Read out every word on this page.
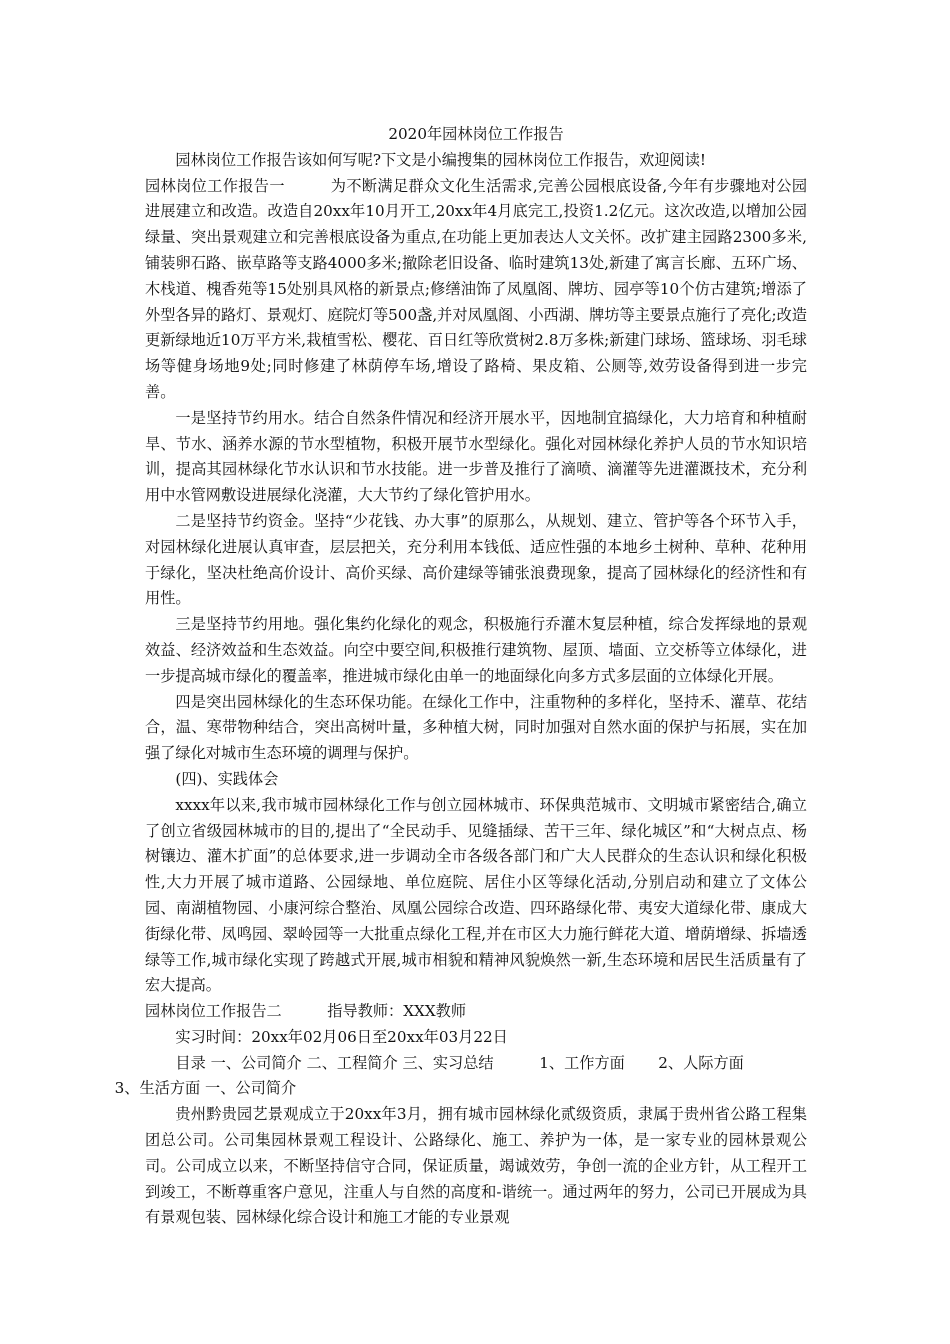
2020年园林岗位工作报告

园林岗位工作报告该如何写呢?下文是小编搜集的园林岗位工作报告，欢迎阅读!

园林岗位工作报告一	为不断满足群众文化生活需求,完善公园根底设备,今年有步骤地对公园进展建立和改造。改造自20xx年10月开工,20xx年4月底完工,投资1.2亿元。这次改造,以增加公园绿量、突出景观建立和完善根底设备为重点,在功能上更加表达人文关怀。改扩建主园路2300多米,铺装卵石路、嵌草路等支路4000多米;撤除老旧设备、临时建筑13处,新建了寓言长廊、五环广场、木栈道、槐香苑等15处别具风格的新景点;修缮油饰了凤凰阁、牌坊、园亭等10个仿古建筑;增添了外型各异的路灯、景观灯、庭院灯等500盏,并对凤凰阁、小西湖、牌坊等主要景点施行了亮化;改造更新绿地近10万平方米,栽植雪松、樱花、百日红等欣赏树2.8万多株;新建门球场、篮球场、羽毛球场等健身场地9处;同时修建了林荫停车场,增设了路椅、果皮箱、公厕等,效劳设备得到进一步完善。

一是坚持节约用水。结合自然条件情况和经济开展水平，因地制宜搞绿化，大力培育和种植耐旱、节水、涵养水源的节水型植物，积极开展节水型绿化。强化对园林绿化养护人员的节水知识培训，提高其园林绿化节水认识和节水技能。进一步普及推行了滴喷、滴灌等先进灌溉技术，充分利用中水管网敷设进展绿化浇灌，大大节约了绿化管护用水。

二是坚持节约资金。坚持“少花钱、办大事”的原那么，从规划、建立、管护等各个环节入手，对园林绿化进展认真审查，层层把关，充分利用本钱低、适应性强的本地乡土树种、草种、花种用于绿化，坚决杜绝高价设计、高价买绿、高价建绿等铺张浪费现象，提高了园林绿化的经济性和有用性。

三是坚持节约用地。强化集约化绿化的观念，积极施行乔灌木复层种植，综合发挥绿地的景观效益、经济效益和生态效益。向空中要空间,积极推行建筑物、屋顶、墙面、立交桥等立体绿化，进一步提高城市绿化的覆盖率，推进城市绿化由单一的地面绿化向多方式多层面的立体绿化开展。

四是突出园林绿化的生态环保功能。在绿化工作中，注重物种的多样化，坚持禾、灌草、花结合，温、寒带物种结合，突出高树叶量，多种植大树，同时加强对自然水面的保护与拓展，实在加强了绿化对城市生态环境的调理与保护。

(四)、实践体会

xxxx年以来,我市城市园林绿化工作与创立园林城市、环保典范城市、文明城市紧密结合,确立了创立省级园林城市的目的,提出了“全民动手、见缝插绿、苦干三年、绿化城区”和“大树点点、杨树镶边、灌木扩面”的总体要求,进一步调动全市各级各部门和广大人民群众的生态认识和绿化积极性,大力开展了城市道路、公园绿地、单位庭院、居住小区等绿化活动,分别启动和建立了文体公园、南湖植物园、小康河综合整治、凤凰公园综合改造、四环路绿化带、夷安大道绿化带、康成大街绿化带、凤鸣园、翠岭园等一大批重点绿化工程,并在市区大力施行鲜花大道、增荫增绿、拆墙透绿等工作,城市绿化实现了跨越式开展,城市相貌和精神风貌焕然一新,生态环境和居民生活质量有了宏大提高。

园林岗位工作报告二	指导教师：XXX教师

实习时间：20xx年02月06日至20xx年03月22日

目录 一、公司简介 二、工程简介 三、实习总结	1、工作方面 2、人际方面
3、生活方面 一、公司简介

贵州黔贵园艺景观成立于20xx年3月，拥有城市园林绿化贰级资质，隶属于贵州省公路工程集团总公司。公司集园林景观工程设计、公路绿化、施工、养护为一体，是一家专业的园林景观公司。公司成立以来，不断坚持信守合同，保证质量，竭诚效劳，争创一流的企业方针，从工程开工到竣工，不断尊重客户意见，注重人与自然的高度和-谐统一。通过两年的努力，公司已开展成为具有景观包装、园林绿化综合设计和施工才能的专业景观
